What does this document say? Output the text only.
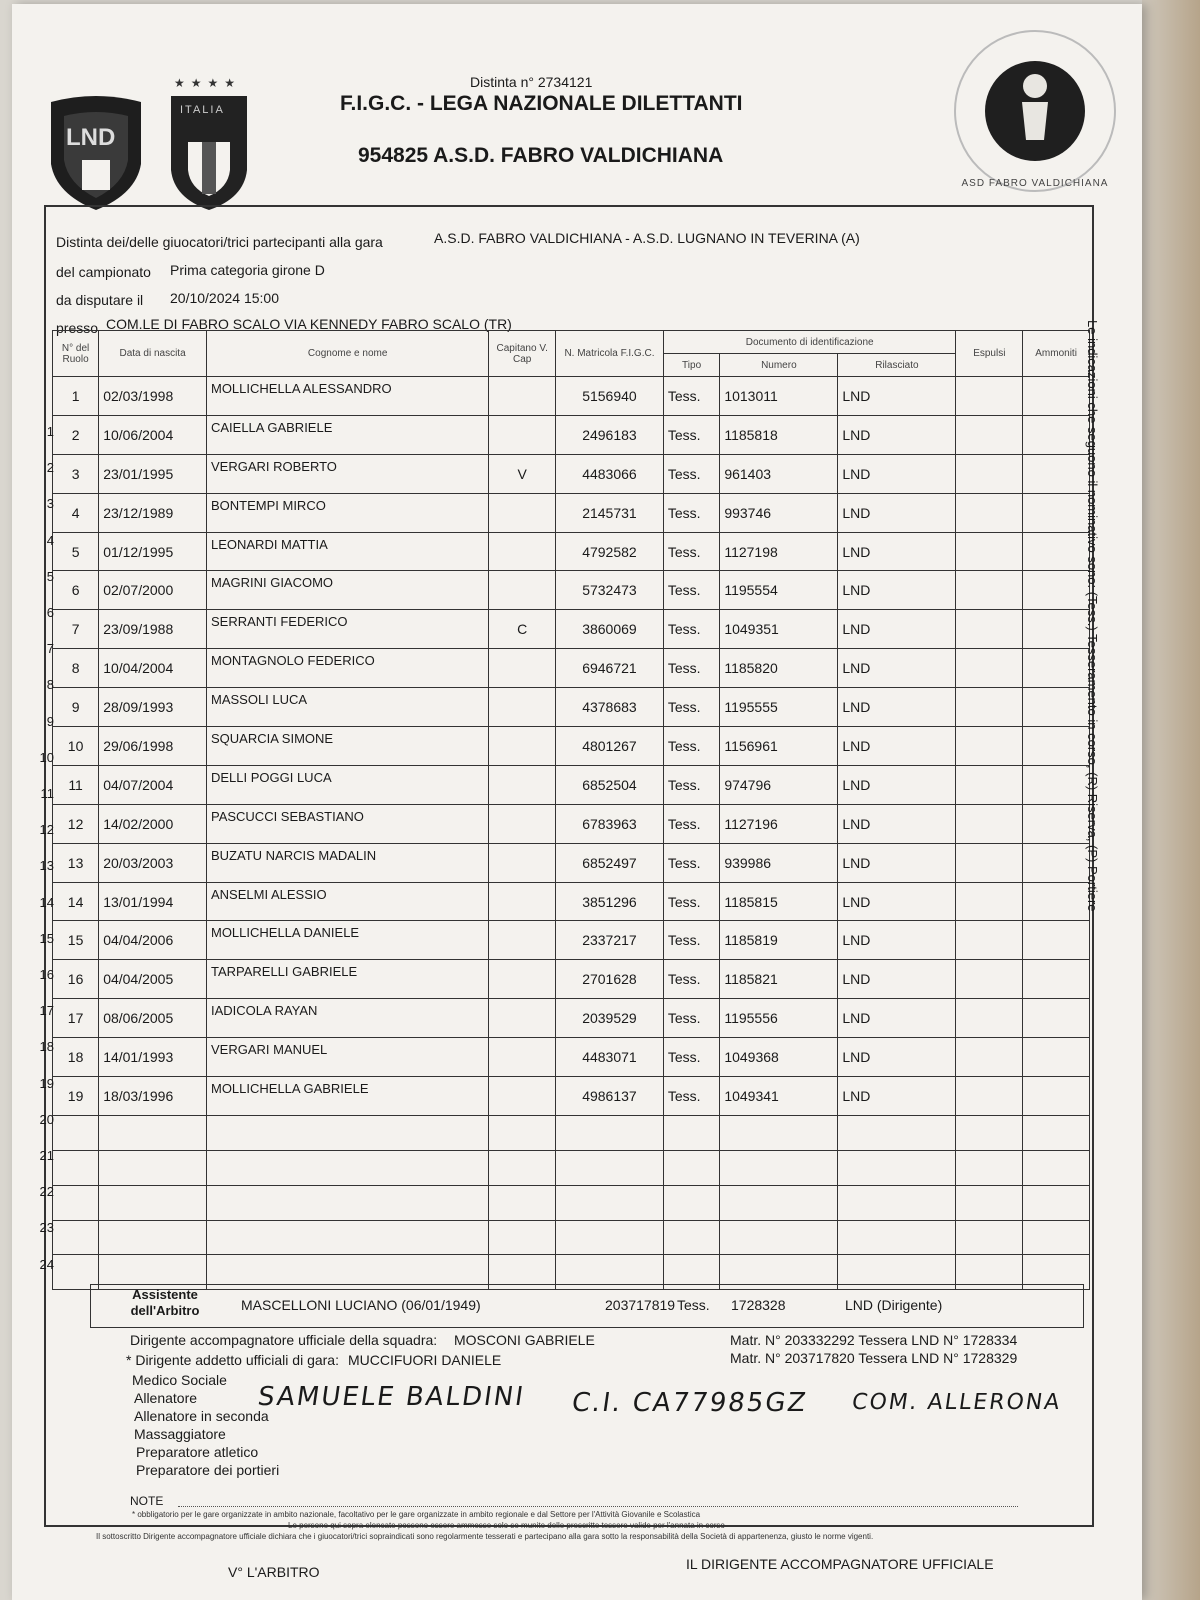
LND
★★★★
ITALIA
ASD FABRO VALDICHIANA
Distinta n° 2734121
F.I.G.C. - LEGA NAZIONALE DILETTANTI
954825 A.S.D. FABRO VALDICHIANA
Distinta dei/delle giuocatori/trici partecipanti alla gara	A.S.D. FABRO VALDICHIANA - A.S.D. LUGNANO IN TEVERINA (A)
del campionato Prima categoria girone D
da disputare il 20/10/2024 15:00
presso COM.LE DI FABRO SCALO VIA KENNEDY FABRO SCALO (TR)
N° del Ruolo	Data di nascita	Cognome e nome	Capitano V. Cap	N. Matricola F.I.G.C.	Documento di identificazione			Espulsi	Ammoniti
					Tipo	Numero	Rilasciato		
1	02/03/1998	MOLLICHELLA ALESSANDRO		5156940	Tess.	1013011	LND		
2	10/06/2004	CAIELLA GABRIELE		2496183	Tess.	1185818	LND		
3	23/01/1995	VERGARI ROBERTO	V	4483066	Tess.	961403	LND		
4	23/12/1989	BONTEMPI MIRCO		2145731	Tess.	993746	LND		
5	01/12/1995	LEONARDI MATTIA		4792582	Tess.	1127198	LND		
6	02/07/2000	MAGRINI GIACOMO		5732473	Tess.	1195554	LND		
7	23/09/1988	SERRANTI FEDERICO	C	3860069	Tess.	1049351	LND		
8	10/04/2004	MONTAGNOLO FEDERICO		6946721	Tess.	1185820	LND		
9	28/09/1993	MASSOLI LUCA		4378683	Tess.	1195555	LND		
10	29/06/1998	SQUARCIA SIMONE		4801267	Tess.	1156961	LND		
11	04/07/2004	DELLI POGGI LUCA		6852504	Tess.	974796	LND		
12	14/02/2000	PASCUCCI SEBASTIANO		6783963	Tess.	1127196	LND		
13	20/03/2003	BUZATU NARCIS MADALIN		6852497	Tess.	939986	LND		
14	13/01/1994	ANSELMI ALESSIO		3851296	Tess.	1185815	LND		
15	04/04/2006	MOLLICHELLA DANIELE		2337217	Tess.	1185819	LND		
16	04/04/2005	TARPARELLI GABRIELE		2701628	Tess.	1185821	LND		
17	08/06/2005	IADICOLA RAYAN		2039529	Tess.	1195556	LND		
18	14/01/1993	VERGARI MANUEL		4483071	Tess.	1049368	LND		
19	18/03/1996	MOLLICHELLA GABRIELE		4986137	Tess.	1049341	LND		

1
2
3
4
5
6
7
8
9
10
11
12
13
14
15
16
17
18
19
20
21
22
23
24
Assistente dell'Arbitro	MASCELLONI LUCIANO (06/01/1949)	203717819 Tess. 1728328	LND (Dirigente)
Dirigente accompagnatore ufficiale della squadra: MOSCONI GABRIELE	Matr. N° 203332292 Tessera LND N° 1728334
* Dirigente addetto ufficiali di gara: MUCCIFUORI DANIELE	Matr. N° 203717820 Tessera LND N° 1728329
Medico Sociale
Allenatore
Allenatore in seconda
Massaggiatore
Preparatore atletico
Preparatore dei portieri
SAMUELE BALDINI C.I. CA77985GZ COM. ALLERONA
NOTE
* obbligatorio per le gare organizzate in ambito nazionale, facoltativo per le gare organizzate in ambito regionale e dal Settore per l'Attività Giovanile e Scolastica
Le persone qui sopra elencate possono essere ammesse solo se munite delle prescritte tessere valide per l'annata in corso
Il sottoscritto Dirigente accompagnatore ufficiale dichiara che i giuocatori/trici sopraindicati sono regolarmente tesserati e partecipano alla gara sotto la responsabilità della Società di appartenenza, giusto le norme vigenti.
V° L'ARBITRO	IL DIRIGENTE ACCOMPAGNATORE UFFICIALE
Le indicazioni che seguono il nominativo sono: (Tess.) Tesseramento in corso, (R) Riserva, (P) Portiere
